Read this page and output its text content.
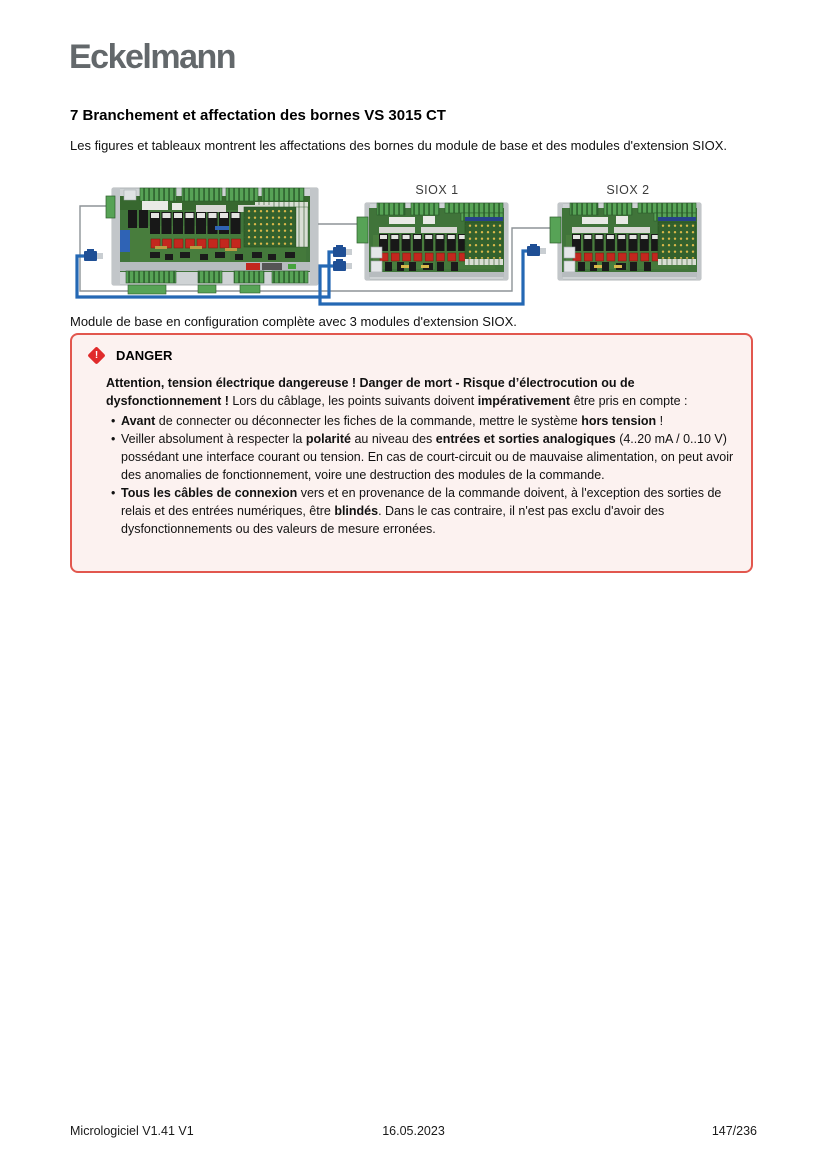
Eckelmann
7 Branchement et affectation des bornes VS 3015 CT

Les figures et tableaux montrent les affectations des bornes du module de base et des modules d'extension SIOX.

SIOX 1	SIOX 2

Module de base en configuration complète avec 3 modules d'extension SIOX.

!	DANGER

Attention, tension électrique dangereuse ! Danger de mort - Risque d’électrocution ou de dysfonctionnement ! Lors du câblage, les points suivants doivent impérativement être pris en compte :

• Avant de connecter ou déconnecter les fiches de la commande, mettre le système hors tension !
• Veiller absolument à respecter la polarité au niveau des entrées et sorties analogiques (4..20 mA / 0..10 V) possédant une interface courant ou tension. En cas de court-circuit ou de mauvaise alimentation, on peut avoir des anomalies de fonctionnement, voire une destruction des modules de la commande.
• Tous les câbles de connexion vers et en provenance de la commande doivent, à l'exception des sorties de relais et des entrées numériques, être blindés. Dans le cas contraire, il n'est pas exclu d'avoir des dysfonctionnements ou des valeurs de mesure erronées.
Micrologiciel V1.41 V1	16.05.2023	147/236
